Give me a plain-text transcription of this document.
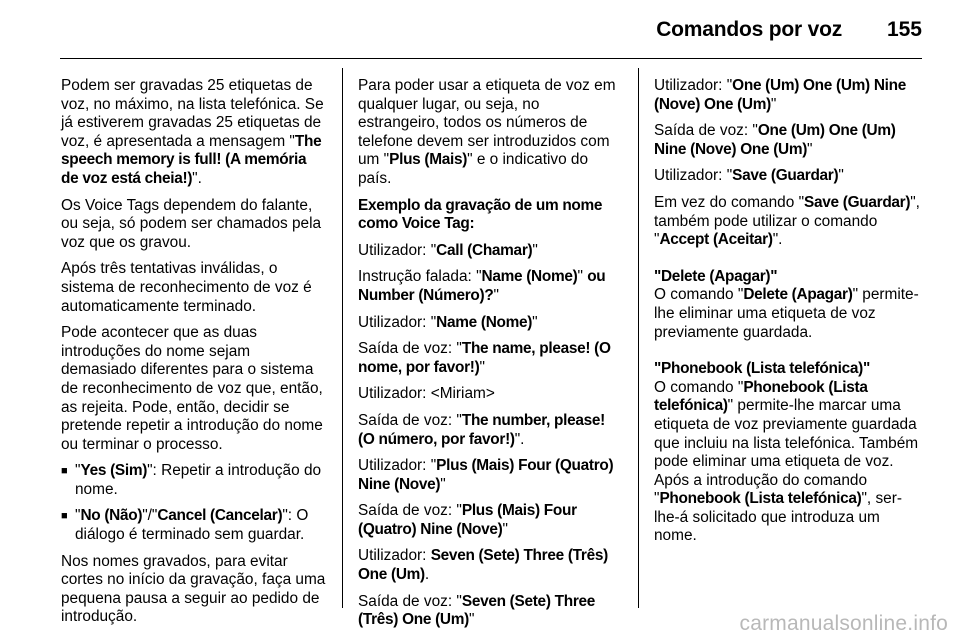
Comandos por voz 155

Podem ser gravadas 25 etiquetas de voz, no máximo, na lista telefónica. Se já estiverem gravadas 25 etiquetas de voz, é apresentada a mensagem "The speech memory is full! (A memória de voz está cheia!)".

Os Voice Tags dependem do falante, ou seja, só podem ser chamados pela voz que os gravou.

Após três tentativas inválidas, o sistema de reconhecimento de voz é automaticamente terminado.

Pode acontecer que as duas introduções do nome sejam demasiado diferentes para o sistema de reconhecimento de voz que, então, as rejeita. Pode, então, decidir se pretende repetir a introdução do nome ou terminar o processo.

■ "Yes (Sim)": Repetir a introdução do nome.
■ "No (Não)"/"Cancel (Cancelar)": O diálogo é terminado sem guardar.

Nos nomes gravados, para evitar cortes no início da gravação, faça uma pequena pausa a seguir ao pedido de introdução.

Para poder usar a etiqueta de voz em qualquer lugar, ou seja, no estrangeiro, todos os números de telefone devem ser introduzidos com um "Plus (Mais)" e o indicativo do país.

Exemplo da gravação de um nome como Voice Tag:

Utilizador: "Call (Chamar)"

Instrução falada: "Name (Nome)" ou Number (Número)?"

Utilizador: "Name (Nome)"

Saída de voz: "The name, please! (O nome, por favor!)"

Utilizador: <Miriam>

Saída de voz: "The number, please! (O número, por favor!)".

Utilizador: "Plus (Mais) Four (Quatro) Nine (Nove)"

Saída de voz: "Plus (Mais) Four (Quatro) Nine (Nove)"

Utilizador: Seven (Sete) Three (Três) One (Um).

Saída de voz: "Seven (Sete) Three (Três) One (Um)"

Utilizador: "One (Um) One (Um) Nine (Nove) One (Um)"

Saída de voz: "One (Um) One (Um) Nine (Nove) One (Um)"

Utilizador: "Save (Guardar)"

Em vez do comando "Save (Guardar)", também pode utilizar o comando "Accept (Aceitar)".

"Delete (Apagar)"

O comando "Delete (Apagar)" permite-lhe eliminar uma etiqueta de voz previamente guardada.

"Phonebook (Lista telefónica)"

O comando "Phonebook (Lista telefónica)" permite-lhe marcar uma etiqueta de voz previamente guardada que incluiu na lista telefónica. Também pode eliminar uma etiqueta de voz. Após a introdução do comando "Phonebook (Lista telefónica)", ser-lhe-á solicitado que introduza um nome.

carmanualsonline.info
